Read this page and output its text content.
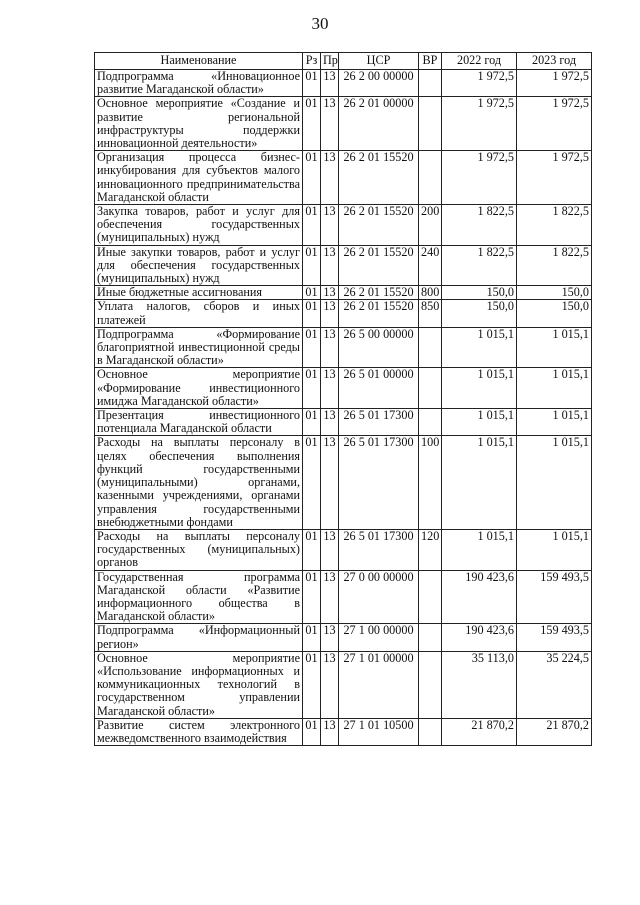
30
Наименование	Рз	Пр	ЦСР	ВР	2022 год	2023 год
Подпрограмма «Инновационное развитие Магаданской области»	01	13	26 2 00 00000		1 972,5	1 972,5
Основное мероприятие «Создание и развитие региональной инфраструктуры поддержки инновационной деятельности»	01	13	26 2 01 00000		1 972,5	1 972,5
Организация процесса бизнес-инкубирования для субъектов малого инновационного предпринимательства Магаданской области	01	13	26 2 01 15520		1 972,5	1 972,5
Закупка товаров, работ и услуг для обеспечения государственных (муниципальных) нужд	01	13	26 2 01 15520	200	1 822,5	1 822,5
Иные закупки товаров, работ и услуг для обеспечения государственных (муниципальных) нужд	01	13	26 2 01 15520	240	1 822,5	1 822,5
Иные бюджетные ассигнования	01	13	26 2 01 15520	800	150,0	150,0
Уплата налогов, сборов и иных платежей	01	13	26 2 01 15520	850	150,0	150,0
Подпрограмма «Формирование благоприятной инвестиционной среды в Магаданской области»	01	13	26 5 00 00000		1 015,1	1 015,1
Основное мероприятие «Формирование инвестиционного имиджа Магаданской области»	01	13	26 5 01 00000		1 015,1	1 015,1
Презентация инвестиционного потенциала Магаданской области	01	13	26 5 01 17300		1 015,1	1 015,1
Расходы на выплаты персоналу в целях обеспечения выполнения функций государственными (муниципальными) органами, казенными учреждениями, органами управления государственными внебюджетными фондами	01	13	26 5 01 17300	100	1 015,1	1 015,1
Расходы на выплаты персоналу государственных (муниципальных) органов	01	13	26 5 01 17300	120	1 015,1	1 015,1
Государственная программа Магаданской области «Развитие информационного общества в Магаданской области»	01	13	27 0 00 00000		190 423,6	159 493,5
Подпрограмма «Информационный регион»	01	13	27 1 00 00000		190 423,6	159 493,5
Основное мероприятие «Использование информационных и коммуникационных технологий в государственном управлении Магаданской области»	01	13	27 1 01 00000		35 113,0	35 224,5
Развитие систем электронного межведомственного взаимодействия	01	13	27 1 01 10500		21 870,2	21 870,2
